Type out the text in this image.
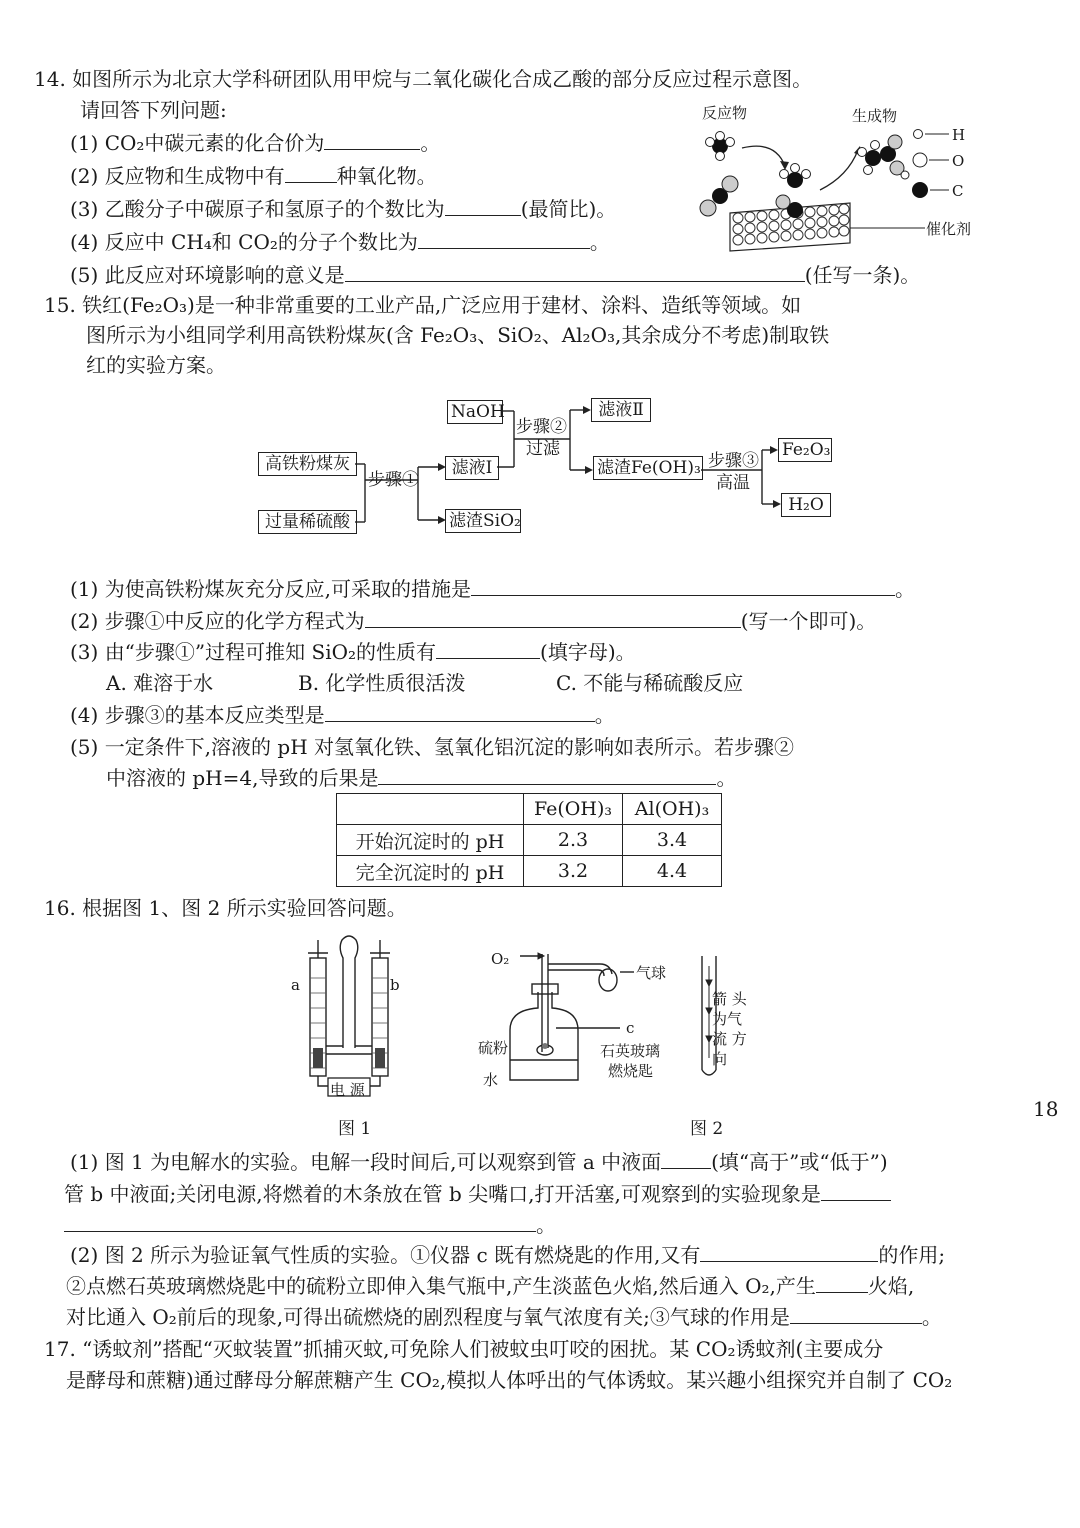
14. 如图所示为北京大学科研团队用甲烷与二氧化碳化合成乙酸的部分反应过程示意图。
请回答下列问题:
(1) CO₂中碳元素的化合价为	。
(2) 反应物和生成物中有	种氧化物。
(3) 乙酸分子中碳原子和氢原子的个数比为	(最简比)。
(4) 反应中 CH₄和 CO₂的分子个数比为	。
(5) 此反应对环境影响的意义是	(任写一条)。
反应物	生成物
H
O
C
催化剂
15. 铁红(Fe₂O₃)是一种非常重要的工业产品,广泛应用于建材、涂料、造纸等领域。如
图所示为小组同学利用高铁粉煤灰(含 Fe₂O₃、SiO₂、Al₂O₃,其余成分不考虑)制取铁
红的实验方案。
高铁粉煤灰
过量稀硫酸
步骤①
滤液Ⅰ
滤渣SiO₂
NaOH
步骤②
过滤
滤液Ⅱ
滤渣Fe(OH)₃ 步骤③
高温
Fe₂O₃
H₂O
(1) 为使高铁粉煤灰充分反应,可采取的措施是	。
(2) 步骤①中反应的化学方程式为	(写一个即可)。
(3) 由“步骤①”过程可推知 SiO₂的性质有	(填字母)。
A. 难溶于水	B. 化学性质很活泼	C. 不能与稀硫酸反应
(4) 步骤③的基本反应类型是	。
(5) 一定条件下,溶液的 pH 对氢氧化铁、氢氧化铝沉淀的影响如表所示。若步骤②
中溶液的 pH=4,导致的后果是	。
	Fe(OH)₃	Al(OH)₃
开始沉淀时的 pH	2.3	3.4
完全沉淀时的 pH	3.2	4.4
16. 根据图 1、图 2 所示实验回答问题。
a	b
电 源
图 1
O₂
气球
c
硫粉
水
石英玻璃
燃烧匙
箭 头
为气
流 方
向
图 2
18
(1) 图 1 为电解水的实验。电解一段时间后,可以观察到管 a 中液面	(填“高于”或“低于”)
管 b 中液面;关闭电源,将燃着的木条放在管 b 尖嘴口,打开活塞,可观察到的实验现象是
。
(2) 图 2 所示为验证氧气性质的实验。①仪器 c 既有燃烧匙的作用,又有	的作用;
②点燃石英玻璃燃烧匙中的硫粉立即伸入集气瓶中,产生淡蓝色火焰,然后通入 O₂,产生	火焰,
对比通入 O₂前后的现象,可得出硫燃烧的剧烈程度与氧气浓度有关;③气球的作用是	。
17. “诱蚊剂”搭配“灭蚊装置”抓捕灭蚊,可免除人们被蚊虫叮咬的困扰。某 CO₂诱蚊剂(主要成分
是酵母和蔗糖)通过酵母分解蔗糖产生 CO₂,模拟人体呼出的气体诱蚊。某兴趣小组探究并自制了 CO₂
